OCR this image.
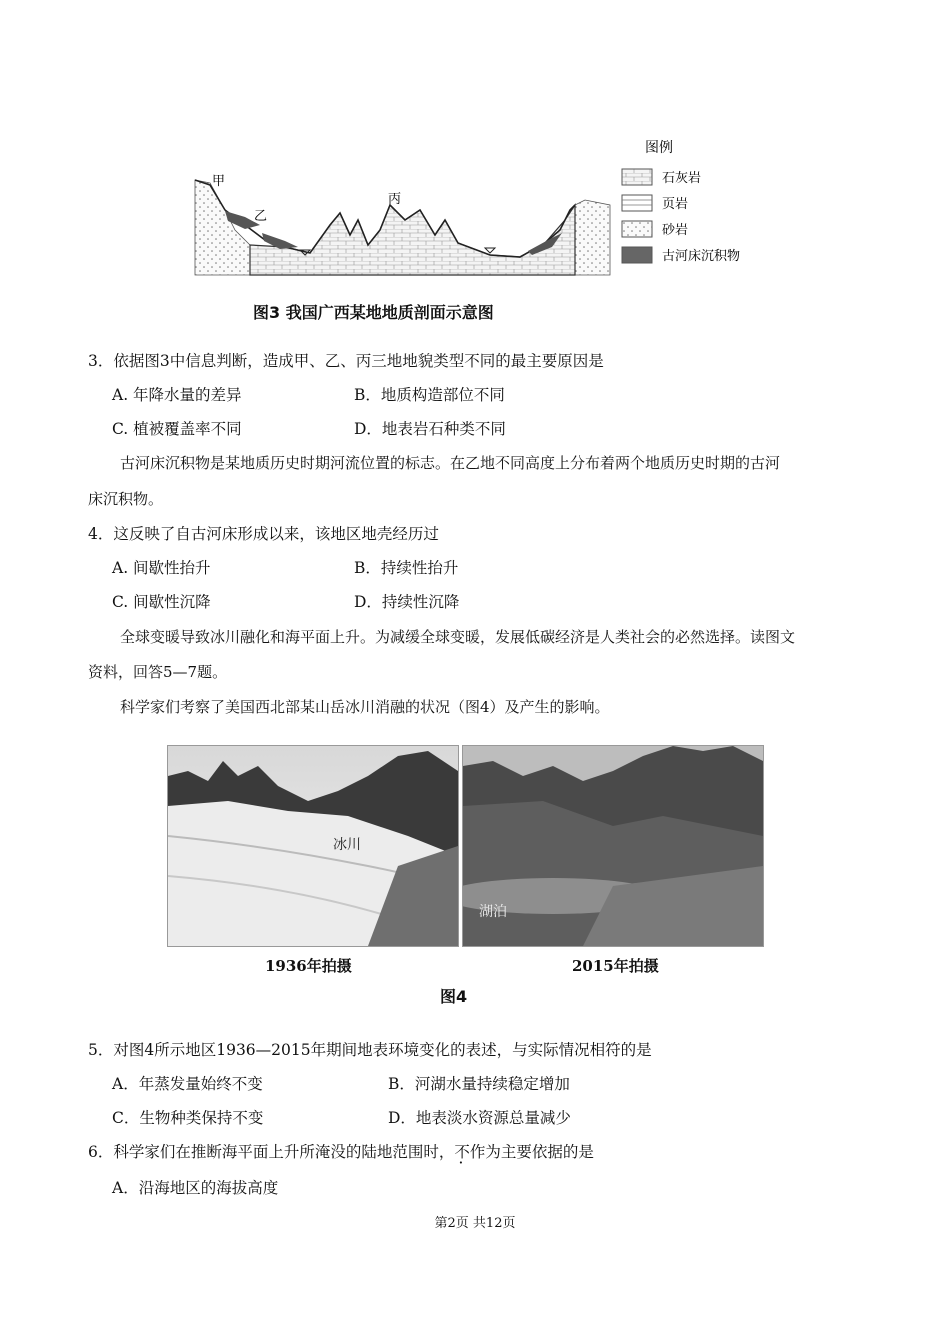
甲
乙
丙
图例
石灰岩
页岩
砂岩
古河床沉积物
图3 我国广西某地地质剖面示意图
3．依据图3中信息判断，造成甲、乙、丙三地地貌类型不同的最主要原因是
A. 年降水量的差异	B．地质构造部位不同
C. 植被覆盖率不同	D．地表岩石种类不同
古河床沉积物是某地质历史时期河流位置的标志。在乙地不同高度上分布着两个地质历史时期的古河
床沉积物。
4．这反映了自古河床形成以来，该地区地壳经历过
A. 间歇性抬升	B．持续性抬升
C. 间歇性沉降	D．持续性沉降
全球变暖导致冰川融化和海平面上升。为减缓全球变暖，发展低碳经济是人类社会的必然选择。读图文
资料，回答5—7题。
科学家们考察了美国西北部某山岳冰川消融的状况（图4）及产生的影响。
冰川
湖泊
1936年拍摄	2015年拍摄
图4
5．对图4所示地区1936—2015年期间地表环境变化的表述，与实际情况相符的是
A．年蒸发量始终不变	B．河湖水量持续稳定增加
C．生物种类保持不变	D．地表淡水资源总量减少
6．科学家们在推断海平面上升所淹没的陆地范围时，不作为主要依据的是
A．沿海地区的海拔高度
第2页 共12页
